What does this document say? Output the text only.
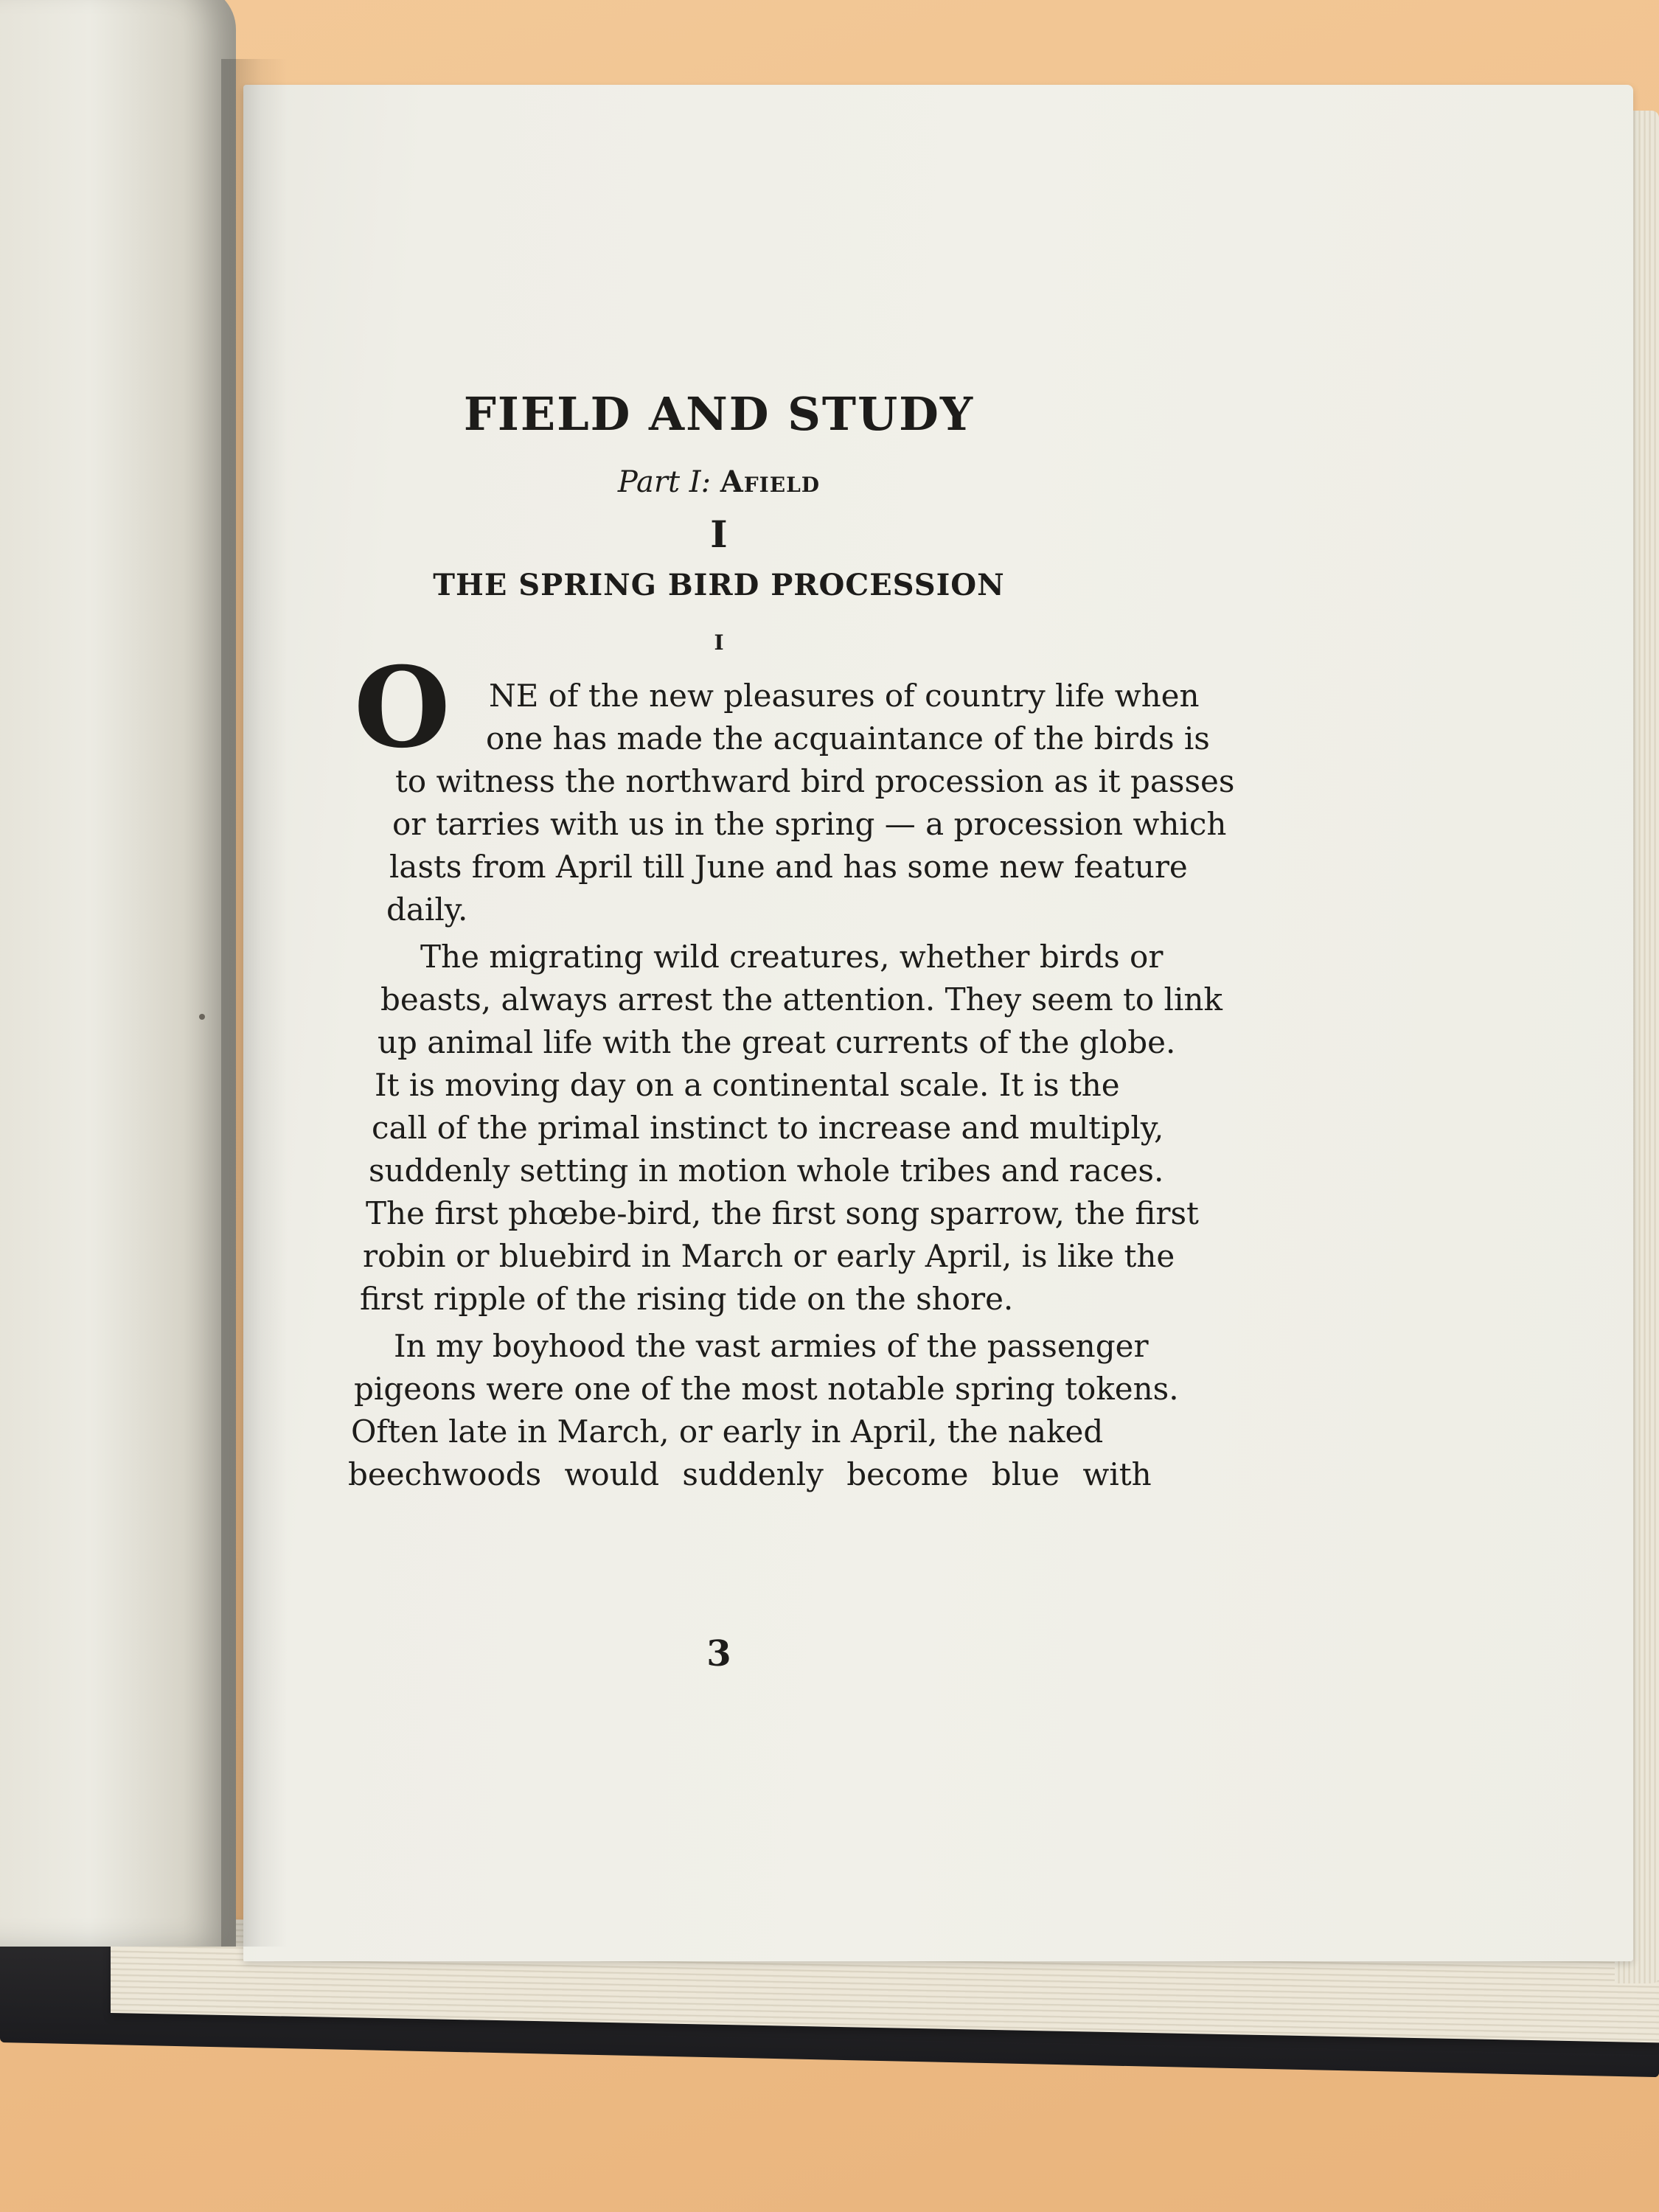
FIELD AND STUDY

Part I: Afield

I

THE SPRING BIRD PROCESSION

I

O	NE of the new pleasures of country life when
one has made the acquaintance of the birds is
to witness the northward bird procession as it passes
or tarries with us in the spring — a procession which
lasts from April till June and has some new feature
daily.
The migrating wild creatures, whether birds or
beasts, always arrest the attention. They seem to link
up animal life with the great currents of the globe.
It is moving day on a continental scale. It is the
call of the primal instinct to increase and multiply,
suddenly setting in motion whole tribes and races.
The first phœbe-bird, the first song sparrow, the first
robin or bluebird in March or early April, is like the
first ripple of the rising tide on the shore.
In my boyhood the vast armies of the passenger
pigeons were one of the most notable spring tokens.
Often late in March, or early in April, the naked
beechwoods would suddenly become blue with

3
